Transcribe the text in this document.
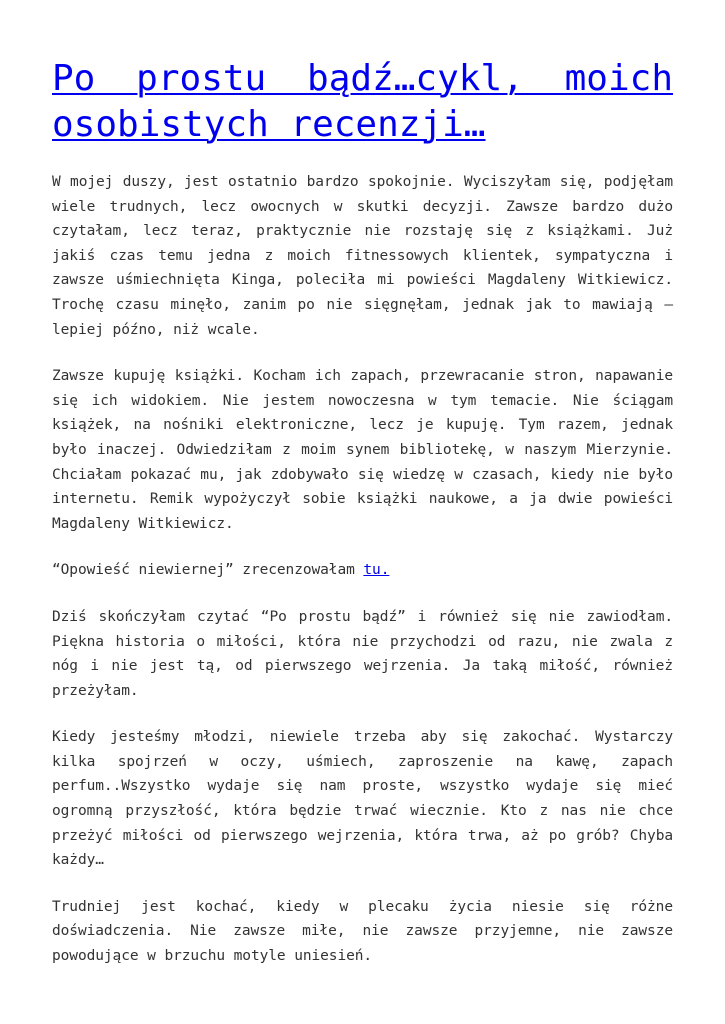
Po prostu bądź…cykl, moich osobistych recenzji…

W mojej duszy, jest ostatnio bardzo spokojnie. Wyciszyłam się, podjęłam wiele trudnych, lecz owocnych w skutki decyzji. Zawsze bardzo dużo czytałam, lecz teraz, praktycznie nie rozstaję się z książkami. Już jakiś czas temu jedna z moich fitnessowych klientek, sympatyczna i zawsze uśmiechnięta Kinga, poleciła mi powieści Magdaleny Witkiewicz. Trochę czasu minęło, zanim po nie sięgnęłam, jednak jak to mawiają – lepiej późno, niż wcale.

Zawsze kupuję książki. Kocham ich zapach, przewracanie stron, napawanie się ich widokiem. Nie jestem nowoczesna w tym temacie. Nie ściągam książek, na nośniki elektroniczne, lecz je kupuję. Tym razem, jednak było inaczej. Odwiedziłam z moim synem bibliotekę, w naszym Mierzynie. Chciałam pokazać mu, jak zdobywało się wiedzę w czasach, kiedy nie było internetu. Remik wypożyczył sobie książki naukowe, a ja dwie powieści Magdaleny Witkiewicz.

“Opowieść niewiernej” zrecenzowałam tu.

Dziś skończyłam czytać “Po prostu bądź” i również się nie zawiodłam. Piękna historia o miłości, która nie przychodzi od razu, nie zwala z nóg i nie jest tą, od pierwszego wejrzenia. Ja taką miłość, również przeżyłam.

Kiedy jesteśmy młodzi, niewiele trzeba aby się zakochać. Wystarczy kilka spojrzeń w oczy, uśmiech, zaproszenie na kawę, zapach perfum..Wszystko wydaje się nam proste, wszystko wydaje się mieć ogromną przyszłość, która będzie trwać wiecznie. Kto z nas nie chce przeżyć miłości od pierwszego wejrzenia, która trwa, aż po grób? Chyba każdy…

Trudniej jest kochać, kiedy w plecaku życia niesie się różne doświadczenia. Nie zawsze miłe, nie zawsze przyjemne, nie zawsze powodujące w brzuchu motyle uniesień.
